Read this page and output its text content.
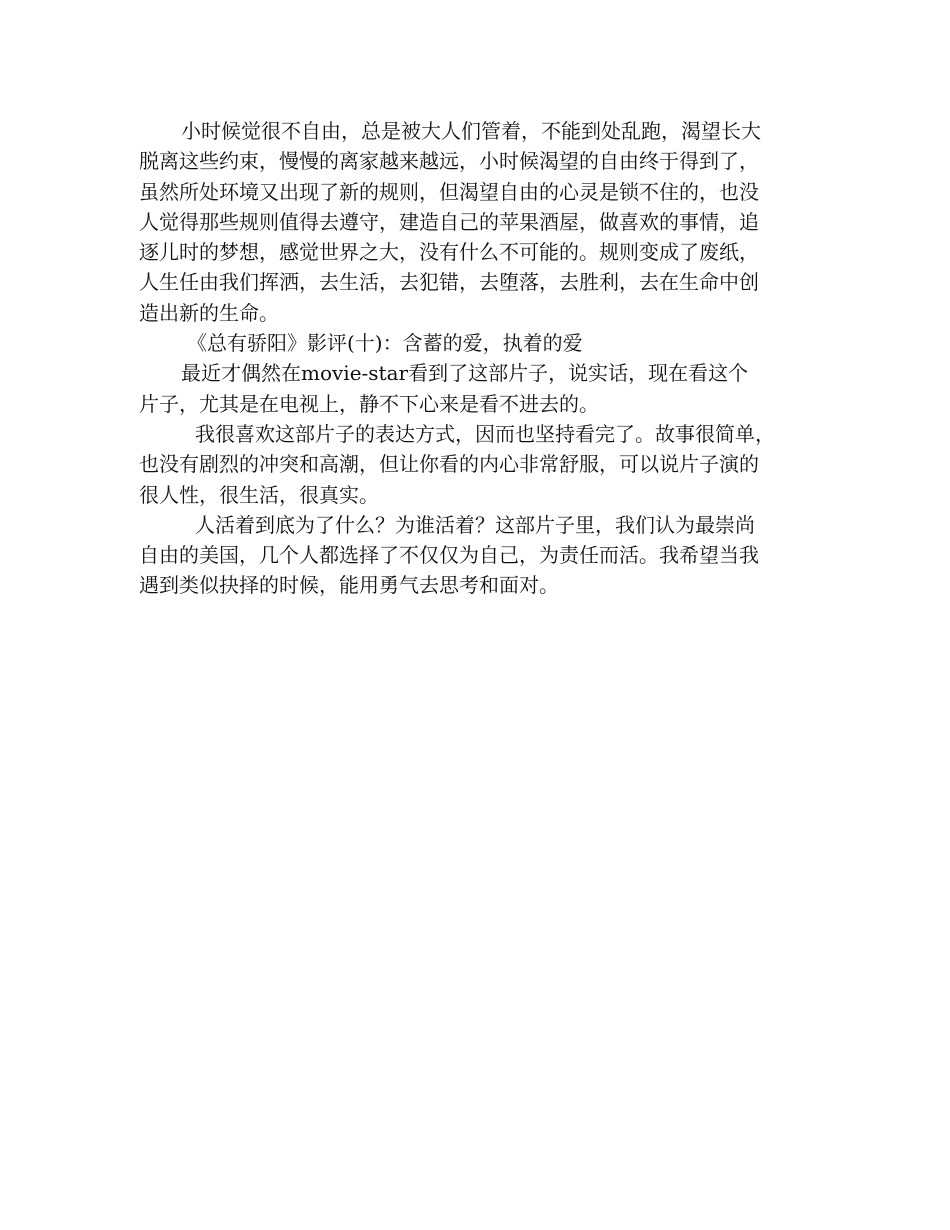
小时候觉很不自由，总是被大人们管着，不能到处乱跑，渴望长大
脱离这些约束，慢慢的离家越来越远，小时候渴望的自由终于得到了，
虽然所处环境又出现了新的规则，但渴望自由的心灵是锁不住的，也没
人觉得那些规则值得去遵守，建造自己的苹果酒屋，做喜欢的事情，追
逐儿时的梦想，感觉世界之大，没有什么不可能的。规则变成了废纸，
人生任由我们挥洒，去生活，去犯错，去堕落，去胜利，去在生命中创
造出新的生命。
《总有骄阳》影评(十)：含蓄的爱，执着的爱
最近才偶然在movie-star看到了这部片子，说实话，现在看这个
片子，尤其是在电视上，静不下心来是看不进去的。
我很喜欢这部片子的表达方式，因而也坚持看完了。故事很简单，
也没有剧烈的冲突和高潮，但让你看的内心非常舒服，可以说片子演的
很人性，很生活，很真实。
人活着到底为了什么？为谁活着？这部片子里，我们认为最崇尚
自由的美国，几个人都选择了不仅仅为自己，为责任而活。我希望当我
遇到类似抉择的时候，能用勇气去思考和面对。
